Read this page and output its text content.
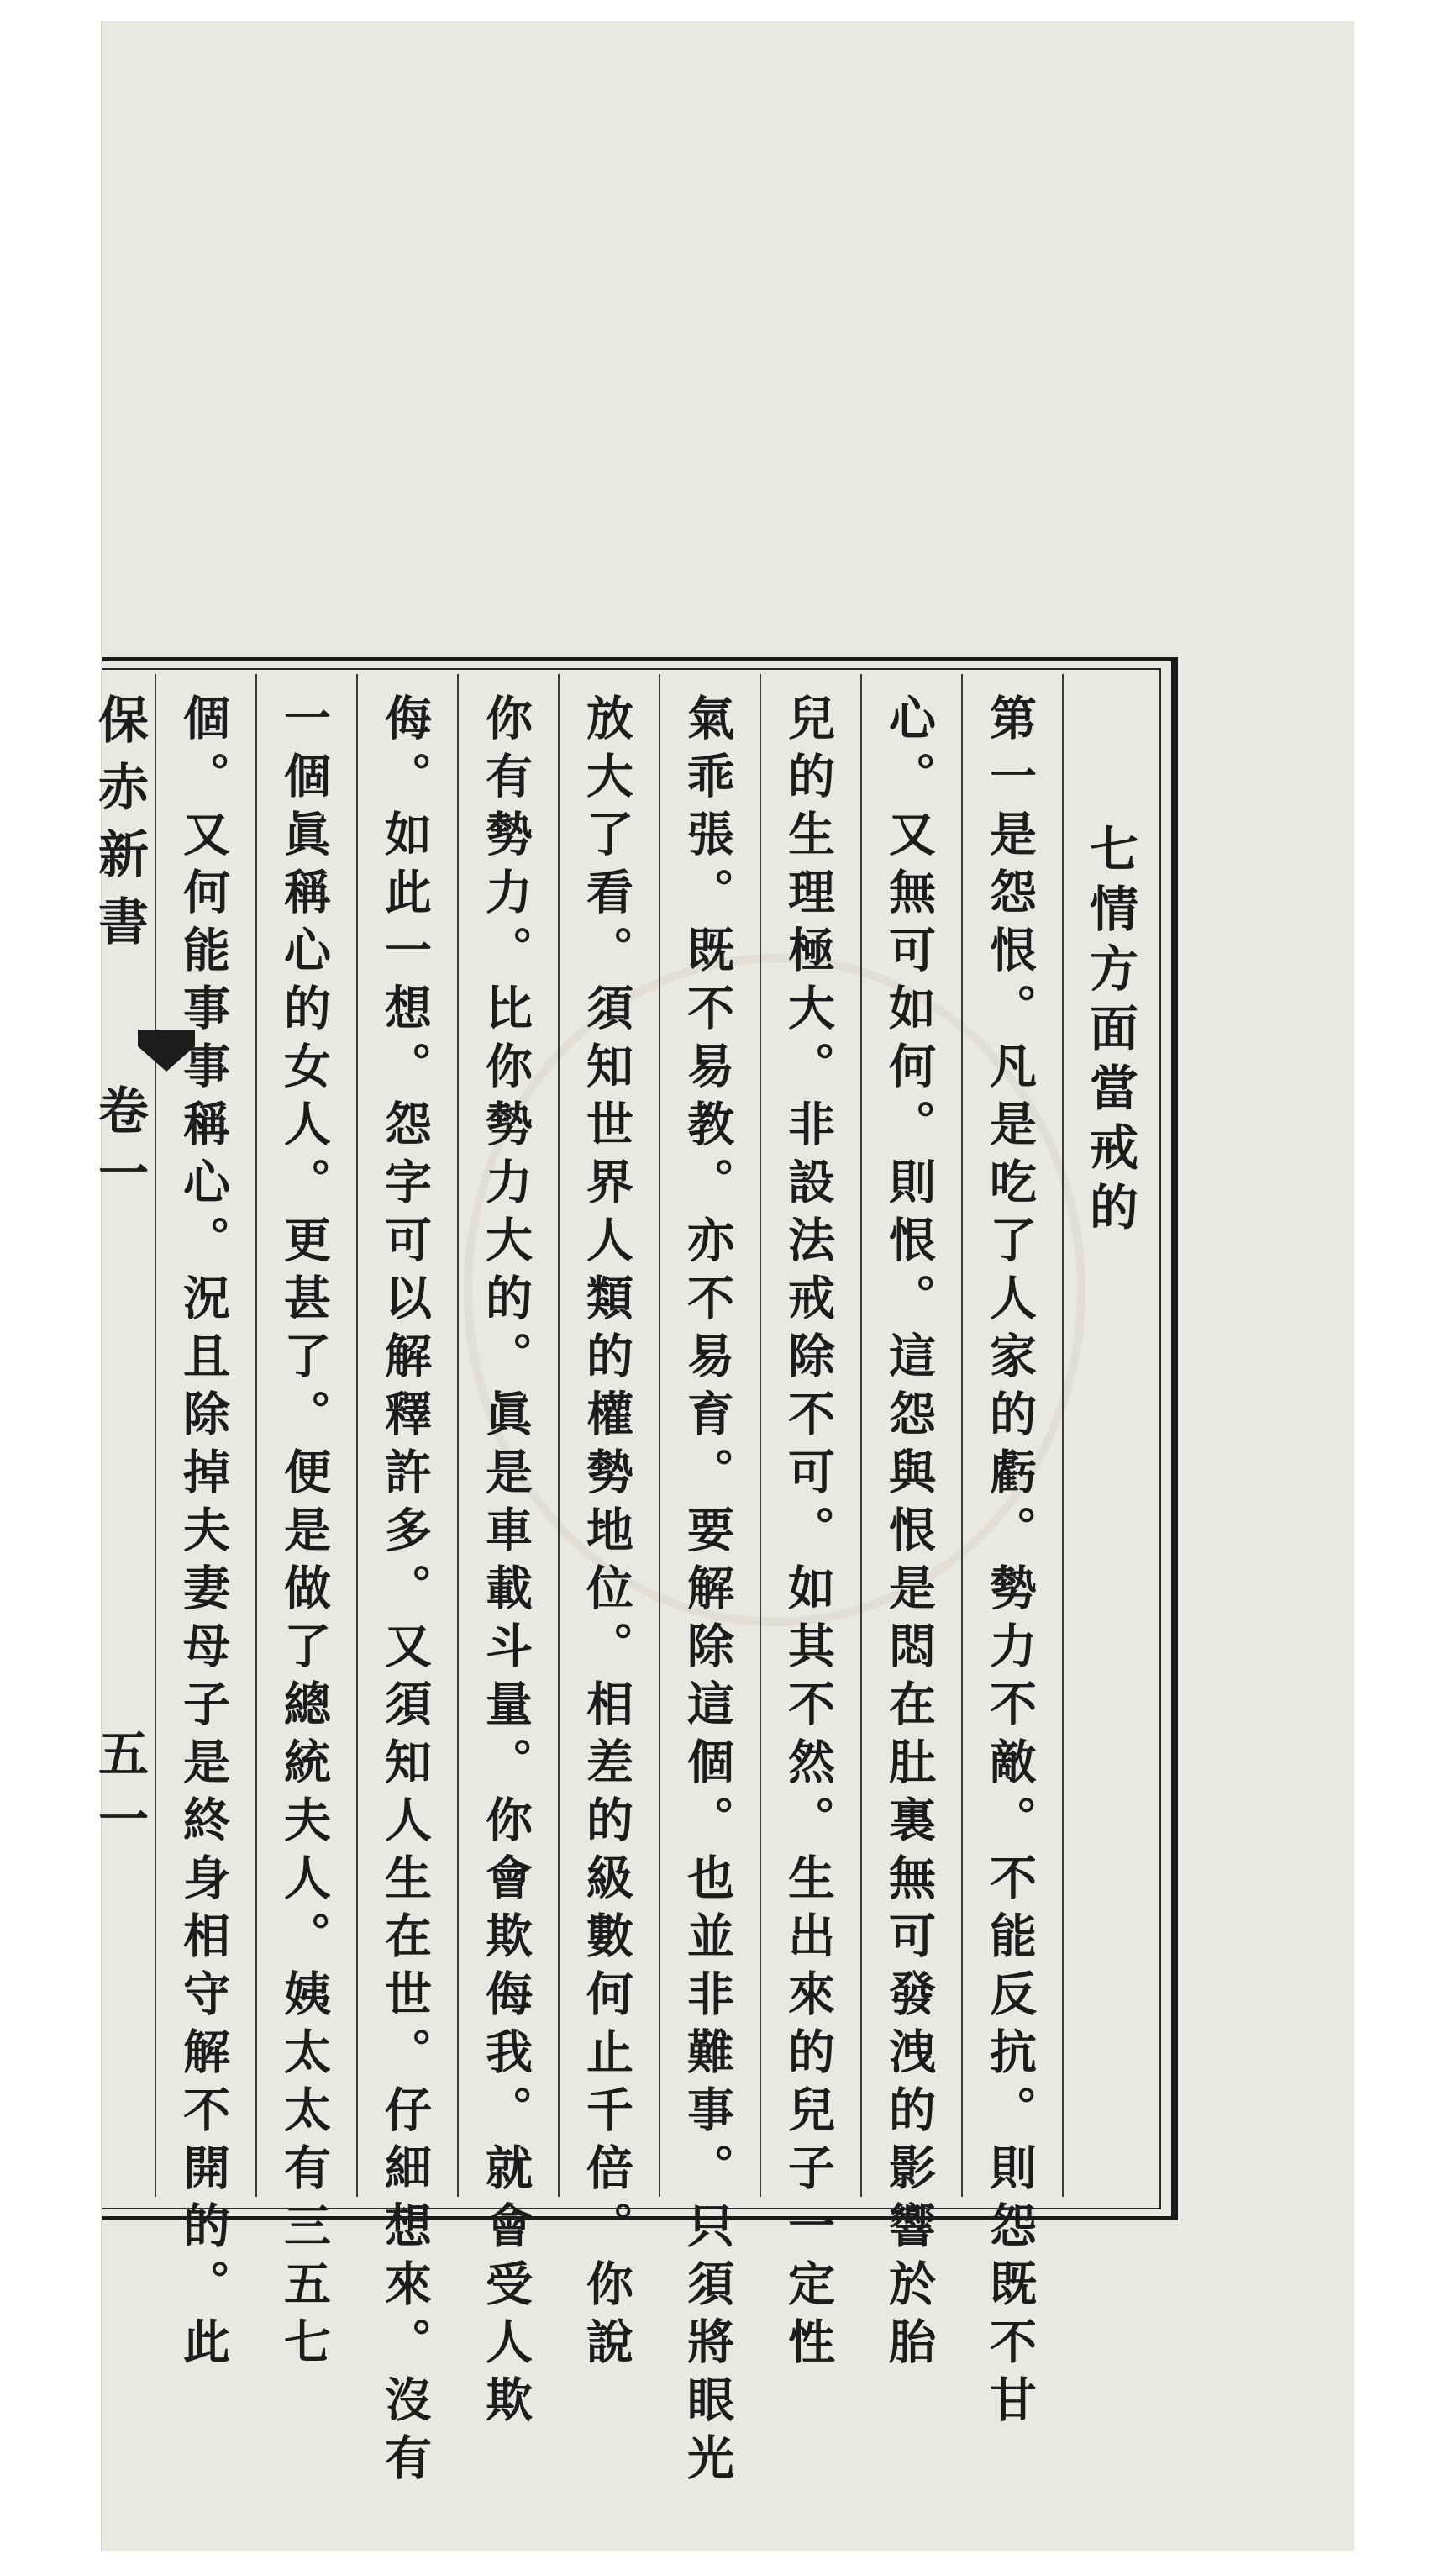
七情方面當戒的
第一是怨恨。凡是吃了人家的虧。勢力不敵。不能反抗。則怨既不甘
心。又無可如何。則恨。這怨與恨是悶在肚裏無可發洩的影響於胎
兒的生理極大。非設法戒除不可。如其不然。生出來的兒子一定性
氣乖張。既不易教。亦不易育。要解除這個。也並非難事。只須將眼光
放大了看。須知世界人類的權勢地位。相差的級數何止千倍。你說
你有勢力。比你勢力大的。眞是車載斗量。你會欺侮我。就會受人欺
侮。如此一想。怨字可以解釋許多。又須知人生在世。仔細想來。沒有
一個眞稱心的女人。更甚了。便是做了總統夫人。姨太太有三五七
個。又何能事事稱心。況且除掉夫妻母子是終身相守解不開的。此
保赤新書
卷一
五一
